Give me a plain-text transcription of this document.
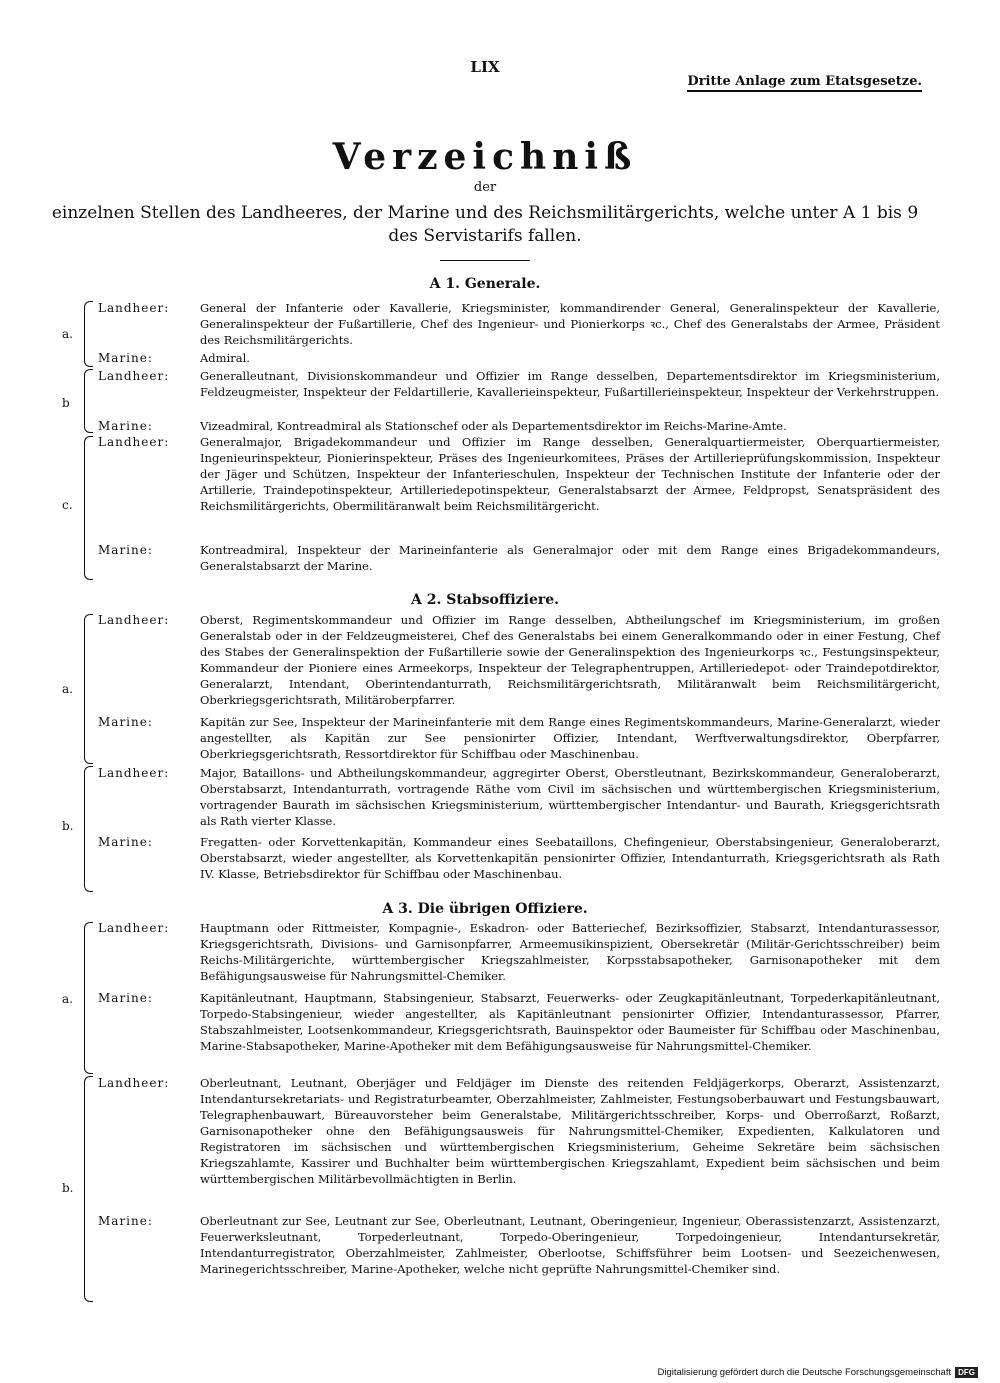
LIX
Dritte Anlage zum Etatsgesetze.
Verzeichniß
der
einzelnen Stellen des Landheeres, der Marine und des Reichsmilitärgerichts, welche unter A 1 bis 9 des Servistarifs fallen.
A 1. Generale.
a.
Landheer:	General der Infanterie oder Kavallerie, Kriegsminister, kommandirender General, Generalinspekteur der Kavallerie, Generalinspekteur der Fußartillerie, Chef des Ingenieur- und Pionierkorps ꝛc., Chef des Generalstabs der Armee, Präsident des Reichsmilitärgerichts.
Marine:	Admiral.
b
Landheer:	Generalleutnant, Divisionskommandeur und Offizier im Range desselben, Departementsdirektor im Kriegsministerium, Feldzeugmeister, Inspekteur der Feldartillerie, Kavallerieinspekteur, Fußartillerieinspekteur, Inspekteur der Verkehrstruppen.
Marine:	Vizeadmiral, Kontreadmiral als Stationschef oder als Departementsdirektor im Reichs-Marine-Amte.
c.
Landheer:	Generalmajor, Brigadekommandeur und Offizier im Range desselben, Generalquartiermeister, Oberquartiermeister, Ingenieurinspekteur, Pionierinspekteur, Präses des Ingenieurkomitees, Präses der Artillerieprüfungskommission, Inspekteur der Jäger und Schützen, Inspekteur der Infanterieschulen, Inspekteur der Technischen Institute der Infanterie oder der Artillerie, Traindepotinspekteur, Artilleriedepotinspekteur, Generalstabsarzt der Armee, Feldpropst, Senatspräsident des Reichsmilitärgerichts, Obermilitäranwalt beim Reichsmilitärgericht.
Marine:	Kontreadmiral, Inspekteur der Marineinfanterie als Generalmajor oder mit dem Range eines Brigadekommandeurs, Generalstabsarzt der Marine.
A 2. Stabsoffiziere.
a.
Landheer:	Oberst, Regimentskommandeur und Offizier im Range desselben, Abtheilungschef im Kriegsministerium, im großen Generalstab oder in der Feldzeugmeisterei, Chef des Generalstabs bei einem Generalkommando oder in einer Festung, Chef des Stabes der Generalinspektion der Fußartillerie sowie der Generalinspektion des Ingenieurkorps ꝛc., Festungsinspekteur, Kommandeur der Pioniere eines Armeekorps, Inspekteur der Telegraphentruppen, Artilleriedepot- oder Traindepotdirektor, Generalarzt, Intendant, Oberintendanturrath, Reichsmilitärgerichtsrath, Militäranwalt beim Reichsmilitärgericht, Oberkriegsgerichtsrath, Militäroberpfarrer.
Marine:	Kapitän zur See, Inspekteur der Marineinfanterie mit dem Range eines Regimentskommandeurs, Marine-Generalarzt, wieder angestellter, als Kapitän zur See pensionirter Offizier, Intendant, Werftverwaltungsdirektor, Oberpfarrer, Oberkriegsgerichtsrath, Ressortdirektor für Schiffbau oder Maschinenbau.
b.
Landheer:	Major, Bataillons- und Abtheilungskommandeur, aggregirter Oberst, Oberstleutnant, Bezirkskommandeur, Generaloberarzt, Oberstabsarzt, Intendanturrath, vortragende Räthe vom Civil im sächsischen und württembergischen Kriegsministerium, vortragender Baurath im sächsischen Kriegsministerium, württembergischer Intendantur- und Baurath, Kriegsgerichtsrath als Rath vierter Klasse.
Marine:	Fregatten- oder Korvettenkapitän, Kommandeur eines Seebataillons, Chefingenieur, Oberstabsingenieur, Generaloberarzt, Oberstabsarzt, wieder angestellter, als Korvettenkapitän pensionirter Offizier, Intendanturrath, Kriegsgerichtsrath als Rath IV. Klasse, Betriebsdirektor für Schiffbau oder Maschinenbau.
A 3. Die übrigen Offiziere.
a.
Landheer:	Hauptmann oder Rittmeister, Kompagnie-, Eskadron- oder Batteriechef, Bezirksoffizier, Stabsarzt, Intendanturassessor, Kriegsgerichtsrath, Divisions- und Garnisonpfarrer, Armeemusikinspizient, Obersekretär (Militär-Gerichtsschreiber) beim Reichs-Militärgerichte, württembergischer Kriegszahlmeister, Korpsstabsapotheker, Garnisonapotheker mit dem Befähigungsausweise für Nahrungsmittel-Chemiker.
Marine:	Kapitänleutnant, Hauptmann, Stabsingenieur, Stabsarzt, Feuerwerks- oder Zeugkapitänleutnant, Torpederkapitänleutnant, Torpedo-Stabsingenieur, wieder angestellter, als Kapitänleutnant pensionirter Offizier, Intendanturassessor, Pfarrer, Stabszahlmeister, Lootsenkommandeur, Kriegsgerichtsrath, Bauinspektor oder Baumeister für Schiffbau oder Maschinenbau, Marine-Stabsapotheker, Marine-Apotheker mit dem Befähigungsausweise für Nahrungsmittel-Chemiker.
b.
Landheer:	Oberleutnant, Leutnant, Oberjäger und Feldjäger im Dienste des reitenden Feldjägerkorps, Oberarzt, Assistenzarzt, Intendantursekretariats- und Registraturbeamter, Oberzahlmeister, Zahlmeister, Festungsoberbauwart und Festungsbauwart, Telegraphenbauwart, Büreauvorsteher beim Generalstabe, Militärgerichtsschreiber, Korps- und Oberroßarzt, Roßarzt, Garnisonapotheker ohne den Befähigungsausweis für Nahrungsmittel-Chemiker, Expedienten, Kalkulatoren und Registratoren im sächsischen und württembergischen Kriegsministerium, Geheime Sekretäre beim sächsischen Kriegszahlamte, Kassirer und Buchhalter beim württembergischen Kriegszahlamt, Expedient beim sächsischen und beim württembergischen Militärbevollmächtigten in Berlin.
Marine:	Oberleutnant zur See, Leutnant zur See, Oberleutnant, Leutnant, Oberingenieur, Ingenieur, Oberassistenzarzt, Assistenzarzt, Feuerwerksleutnant, Torpederleutnant, Torpedo-Oberingenieur, Torpedoingenieur, Intendantursekretär, Intendanturregistrator, Oberzahlmeister, Zahlmeister, Oberlootse, Schiffsführer beim Lootsen- und Seezeichenwesen, Marinegerichtsschreiber, Marine-Apotheker, welche nicht geprüfte Nahrungsmittel-Chemiker sind.
Digitalisierung gefördert durch die Deutsche Forschungsgemeinschaft DFG
